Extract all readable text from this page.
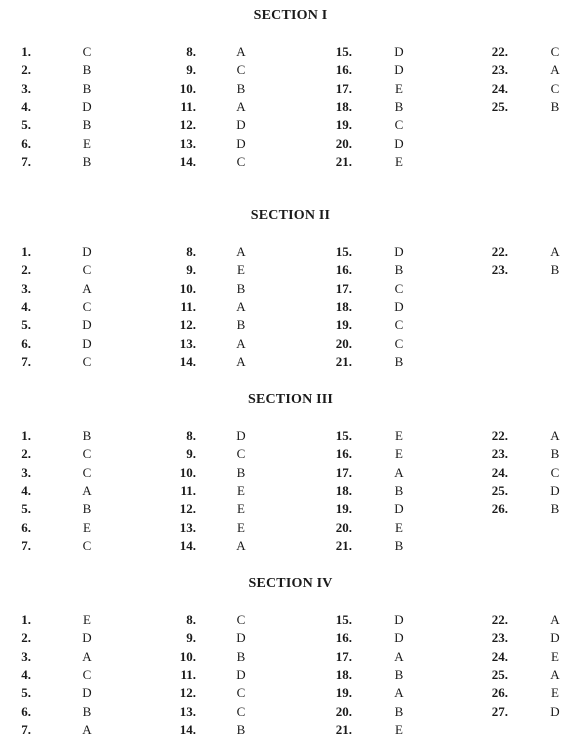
SECTION I
1.	C	8.	A	15.	D	22.	C
2.	B	9.	C	16.	D	23.	A
3.	B	10.	B	17.	E	24.	C
4.	D	11.	A	18.	B	25.	B
5.	B	12.	D	19.	C
6.	E	13.	D	20.	D
7.	B	14.	C	21.	E
SECTION II
1.	D	8.	A	15.	D	22.	A
2.	C	9.	E	16.	B	23.	B
3.	A	10.	B	17.	C
4.	C	11.	A	18.	D
5.	D	12.	B	19.	C
6.	D	13.	A	20.	C
7.	C	14.	A	21.	B
SECTION III
1.	B	8.	D	15.	E	22.	A
2.	C	9.	C	16.	E	23.	B
3.	C	10.	B	17.	A	24.	C
4.	A	11.	E	18.	B	25.	D
5.	B	12.	E	19.	D	26.	B
6.	E	13.	E	20.	E
7.	C	14.	A	21.	B
SECTION IV
1.	E	8.	C	15.	D	22.	A
2.	D	9.	D	16.	D	23.	D
3.	A	10.	B	17.	A	24.	E
4.	C	11.	D	18.	B	25.	A
5.	D	12.	C	19.	A	26.	E
6.	B	13.	C	20.	B	27.	D
7.	A	14.	B	21.	E
